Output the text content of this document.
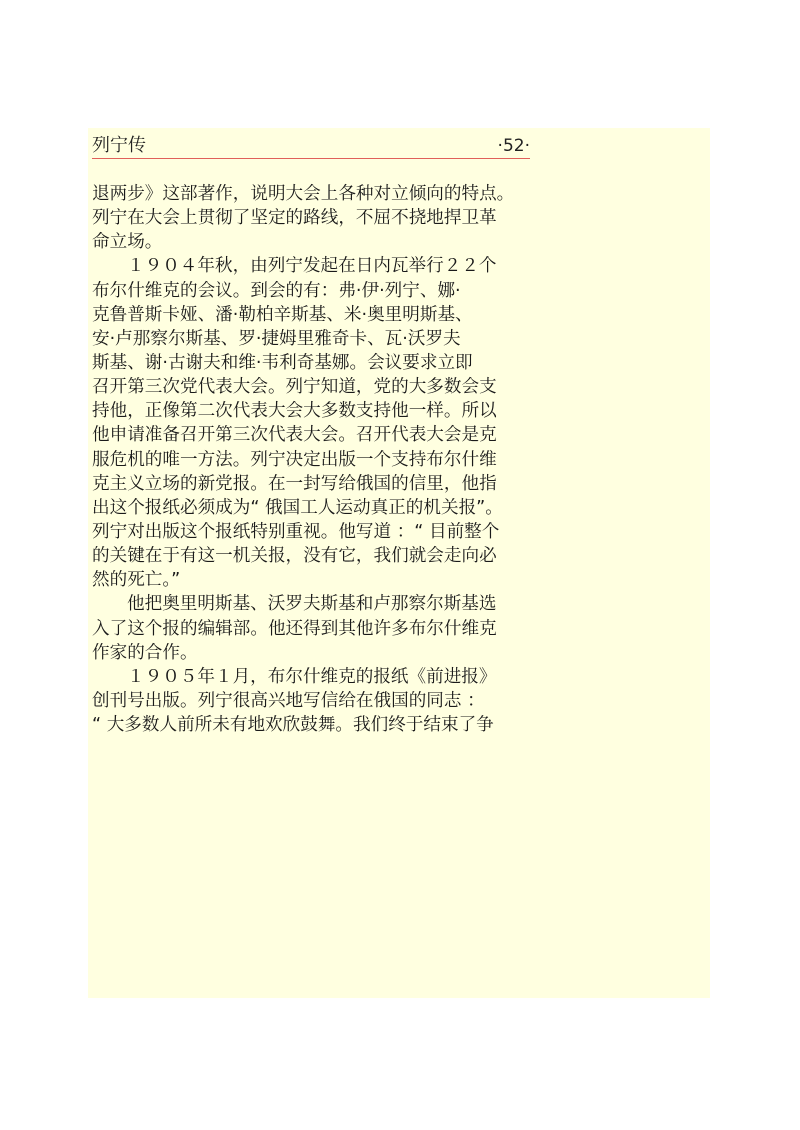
列宁传	·52·
退两步》这部著作，说明大会上各种对立倾向的特点。
列宁在大会上贯彻了坚定的路线，不屈不挠地捍卫革
命立场。
１９０４年秋，由列宁发起在日内瓦举行２２个
布尔什维克的会议。到会的有：弗·伊·列宁、娜·
克鲁普斯卡娅、潘·勒柏辛斯基、米·奥里明斯基、
安·卢那察尔斯基、罗·捷姆里雅奇卡、瓦·沃罗夫
斯基、谢·古谢夫和维·韦利奇基娜。会议要求立即
召开第三次党代表大会。列宁知道，党的大多数会支
持他，正像第二次代表大会大多数支持他一样。所以
他申请准备召开第三次代表大会。召开代表大会是克
服危机的唯一方法。列宁决定出版一个支持布尔什维
克主义立场的新党报。在一封写给俄国的信里，他指
出这个报纸必须成为“ 俄国工人运动真正的机关报”。
列宁对出版这个报纸特别重视。他写道 ：“ 目前整个
的关键在于有这一机关报，没有它，我们就会走向必
然的死亡。”
他把奥里明斯基、沃罗夫斯基和卢那察尔斯基选
入了这个报的编辑部。他还得到其他许多布尔什维克
作家的合作。
１９０５年１月，布尔什维克的报纸《前进报》
创刊号出版。列宁很高兴地写信给在俄国的同志 ：
“ 大多数人前所未有地欢欣鼓舞。我们终于结束了争
